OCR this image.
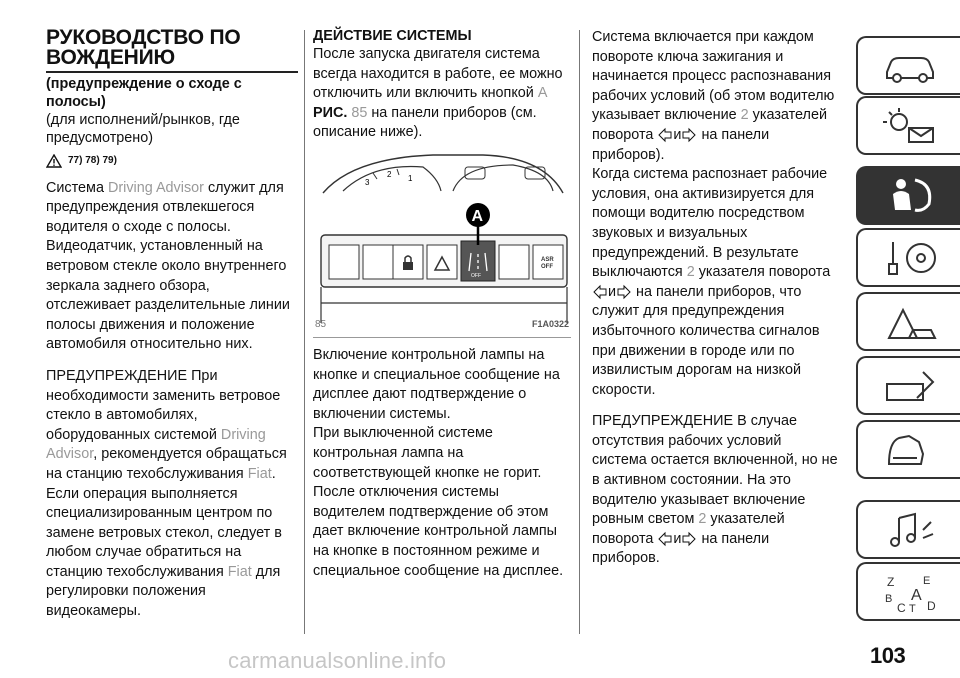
РУКОВОДСТВО ПО ВОЖДЕНИЮ
(предупреждение о сходе с полосы)
(для исполнений/рынков, где предусмотрено)
77) 78) 79)

Система Driving Advisor служит для предупреждения отвлекшегося водителя о сходе с полосы. Видеодатчик, установленный на ветровом стекле около внутреннего зеркала заднего обзора, отслеживает разделительные линии полосы движения и положение автомобиля относительно них.

ПРЕДУПРЕЖДЕНИЕ При необходимости заменить ветровое стекло в автомобилях, оборудованных системой Driving Advisor, рекомендуется обращаться на станцию техобслуживания Fiat. Если операция выполняется специализированным центром по замене ветровых стекол, следует в любом случае обратиться на станцию техобслуживания Fiat для регулировки положения видеокамеры.

ДЕЙСТВИЕ СИСТЕМЫ

После запуска двигателя система всегда находится в работе, ее можно отключить или включить кнопкой A РИС. 85 на панели приборов (см. описание ниже).

3
2 1
OFF
ASR
OFF
A
85	F1A0322

Включение контрольной лампы на кнопке и специальное сообщение на дисплее дают подтверждение о включении системы.

При выключенной системе контрольная лампа на соответствующей кнопке не горит.

После отключения системы водителем подтверждение об этом дает включение контрольной лампы на кнопке в постоянном режиме и специальное сообщение на дисплее.

Система включается при каждом повороте ключа зажигания и начинается процесс распознавания рабочих условий (об этом водителю указывает включение 2 указателей поворота и на панели приборов).

Когда система распознает рабочие условия, она активизируется для помощи водителю посредством звуковых и визуальных предупреждений. В результате выключаются 2 указателя поворота и на панели приборов, что служит для предупреждения избыточного количества сигналов при движении в городе или по извилистым дорогам на низкой скорости.

ПРЕДУПРЕЖДЕНИЕ В случае отсутствия рабочих условий система остается включенной, но не в активном состоянии. На это водителю указывает включение ровным светом 2 указателей поворота и на панели приборов.

Z	E
B A
C T D
103
carmanualsonline.info
